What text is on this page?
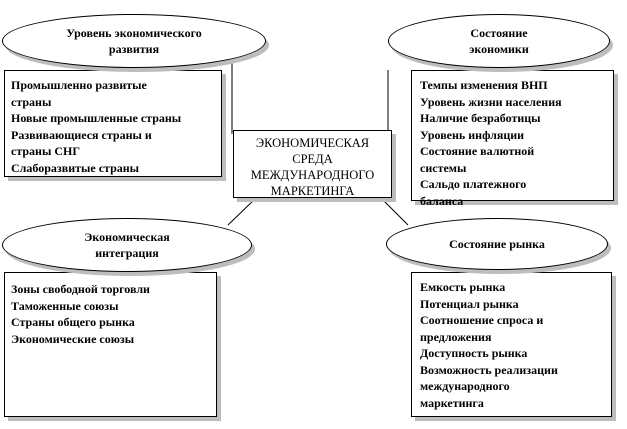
Промышленно развитые
страны
Новые промышленные страны
Развивающиеся страны и
страны СНГ
Слаборазвитые страны
Уровень экономического
развития
Темпы изменения ВНП
Уровень жизни населения
Наличие безработицы
Уровень инфляции
Состояние валютной
системы
Сальдо платежного
баланса
Состояние
экономики
Зоны свободной торговли
Таможенные союзы
Страны общего рынка
Экономические союзы
Экономическая
интеграция
Емкость рынка
Потенциал рынка
Соотношение спроса и
предложения
Доступность рынка
Возможность реализации
международного
маркетинга
Состояние рынка
ЭКОНОМИЧЕСКАЯ
СРЕДА
МЕЖДУНАРОДНОГО
МАРКЕТИНГА
